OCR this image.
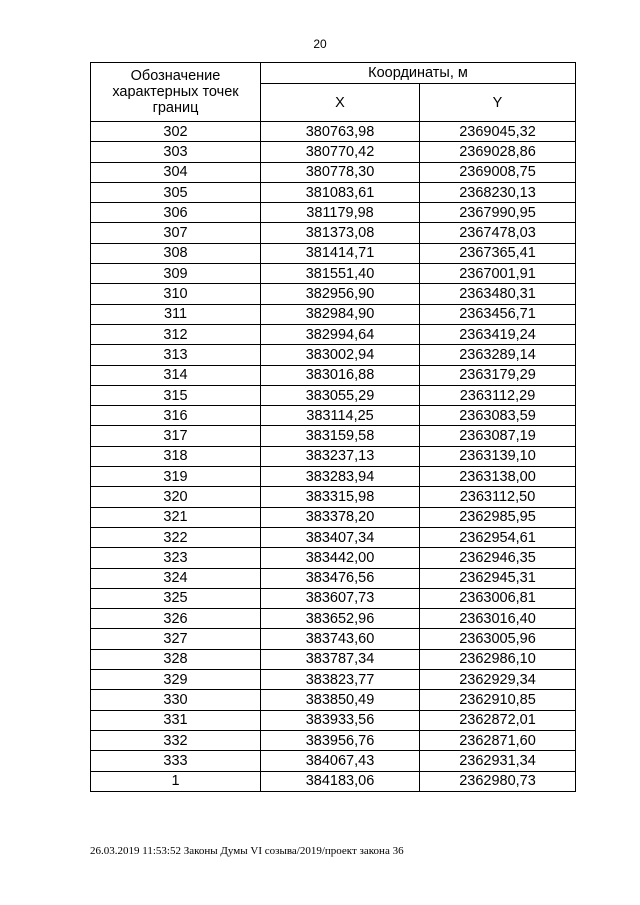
20
Обозначение характерных точек границ	Координаты, м	
	X	Y
302	380763,98	2369045,32
303	380770,42	2369028,86
304	380778,30	2369008,75
305	381083,61	2368230,13
306	381179,98	2367990,95
307	381373,08	2367478,03
308	381414,71	2367365,41
309	381551,40	2367001,91
310	382956,90	2363480,31
311	382984,90	2363456,71
312	382994,64	2363419,24
313	383002,94	2363289,14
314	383016,88	2363179,29
315	383055,29	2363112,29
316	383114,25	2363083,59
317	383159,58	2363087,19
318	383237,13	2363139,10
319	383283,94	2363138,00
320	383315,98	2363112,50
321	383378,20	2362985,95
322	383407,34	2362954,61
323	383442,00	2362946,35
324	383476,56	2362945,31
325	383607,73	2363006,81
326	383652,96	2363016,40
327	383743,60	2363005,96
328	383787,34	2362986,10
329	383823,77	2362929,34
330	383850,49	2362910,85
331	383933,56	2362872,01
332	383956,76	2362871,60
333	384067,43	2362931,34
1	384183,06	2362980,73
26.03.2019 11:53:52 Законы Думы VI созыва/2019/проект закона 36
